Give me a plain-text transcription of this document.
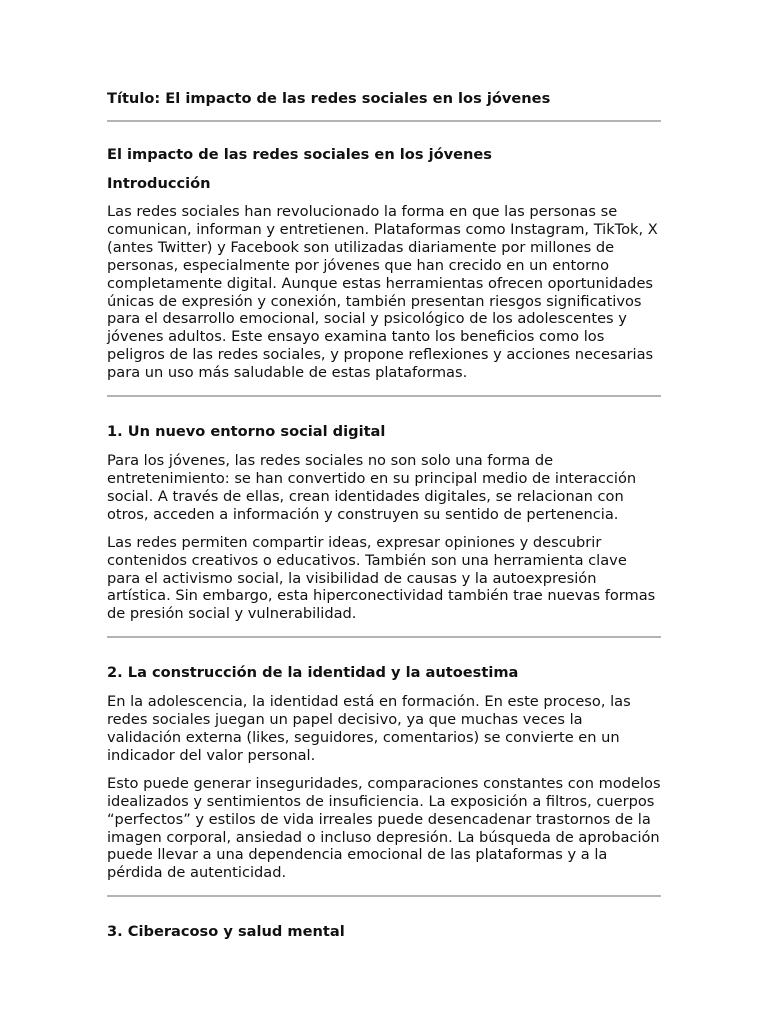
Título: El impacto de las redes sociales en los jóvenes

El impacto de las redes sociales en los jóvenes

Introducción

Las redes sociales han revolucionado la forma en que las personas se comunican, informan y entretienen. Plataformas como Instagram, TikTok, X (antes Twitter) y Facebook son utilizadas diariamente por millones de personas, especialmente por jóvenes que han crecido en un entorno completamente digital. Aunque estas herramientas ofrecen oportunidades únicas de expresión y conexión, también presentan riesgos significativos para el desarrollo emocional, social y psicológico de los adolescentes y jóvenes adultos. Este ensayo examina tanto los beneficios como los peligros de las redes sociales, y propone reflexiones y acciones necesarias para un uso más saludable de estas plataformas.

1. Un nuevo entorno social digital

Para los jóvenes, las redes sociales no son solo una forma de entretenimiento: se han convertido en su principal medio de interacción social. A través de ellas, crean identidades digitales, se relacionan con otros, acceden a información y construyen su sentido de pertenencia.

Las redes permiten compartir ideas, expresar opiniones y descubrir contenidos creativos o educativos. También son una herramienta clave para el activismo social, la visibilidad de causas y la autoexpresión artística. Sin embargo, esta hiperconectividad también trae nuevas formas de presión social y vulnerabilidad.

2. La construcción de la identidad y la autoestima

En la adolescencia, la identidad está en formación. En este proceso, las redes sociales juegan un papel decisivo, ya que muchas veces la validación externa (likes, seguidores, comentarios) se convierte en un indicador del valor personal.

Esto puede generar inseguridades, comparaciones constantes con modelos idealizados y sentimientos de insuficiencia. La exposición a filtros, cuerpos “perfectos” y estilos de vida irreales puede desencadenar trastornos de la imagen corporal, ansiedad o incluso depresión. La búsqueda de aprobación puede llevar a una dependencia emocional de las plataformas y a la pérdida de autenticidad.

3. Ciberacoso y salud mental
